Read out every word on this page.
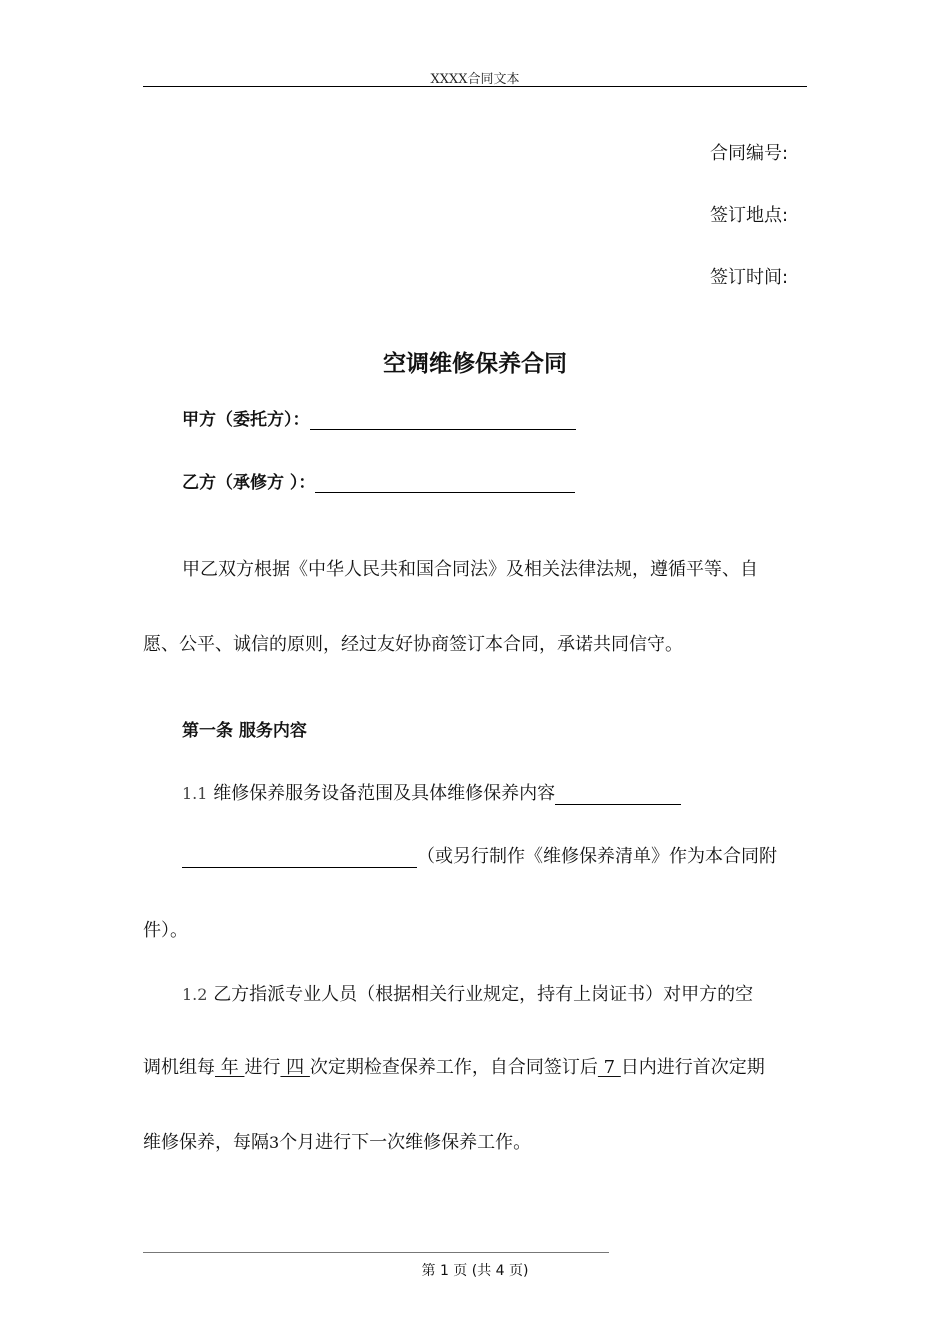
XXXX合同文本
合同编号:
签订地点:
签订时间:
空调维修保养合同
甲方（委托方）：
乙方（承修方 ）：
甲乙双方根据《中华人民共和国合同法》及相关法律法规，遵循平等、自
愿、公平、诚信的原则，经过友好协商签订本合同，承诺共同信守。
第一条 服务内容
1.1 维修保养服务设备范围及具体维修保养内容
（或另行制作《维修保养清单》作为本合同附
件）。
1.2 乙方指派专业人员（根据相关行业规定，持有上岗证书）对甲方的空
调机组每 年 进行 四 次定期检查保养工作，自合同签订后 7 日内进行首次定期
维修保养，每隔3个月进行下一次维修保养工作。
第 1 页 (共 4 页)
